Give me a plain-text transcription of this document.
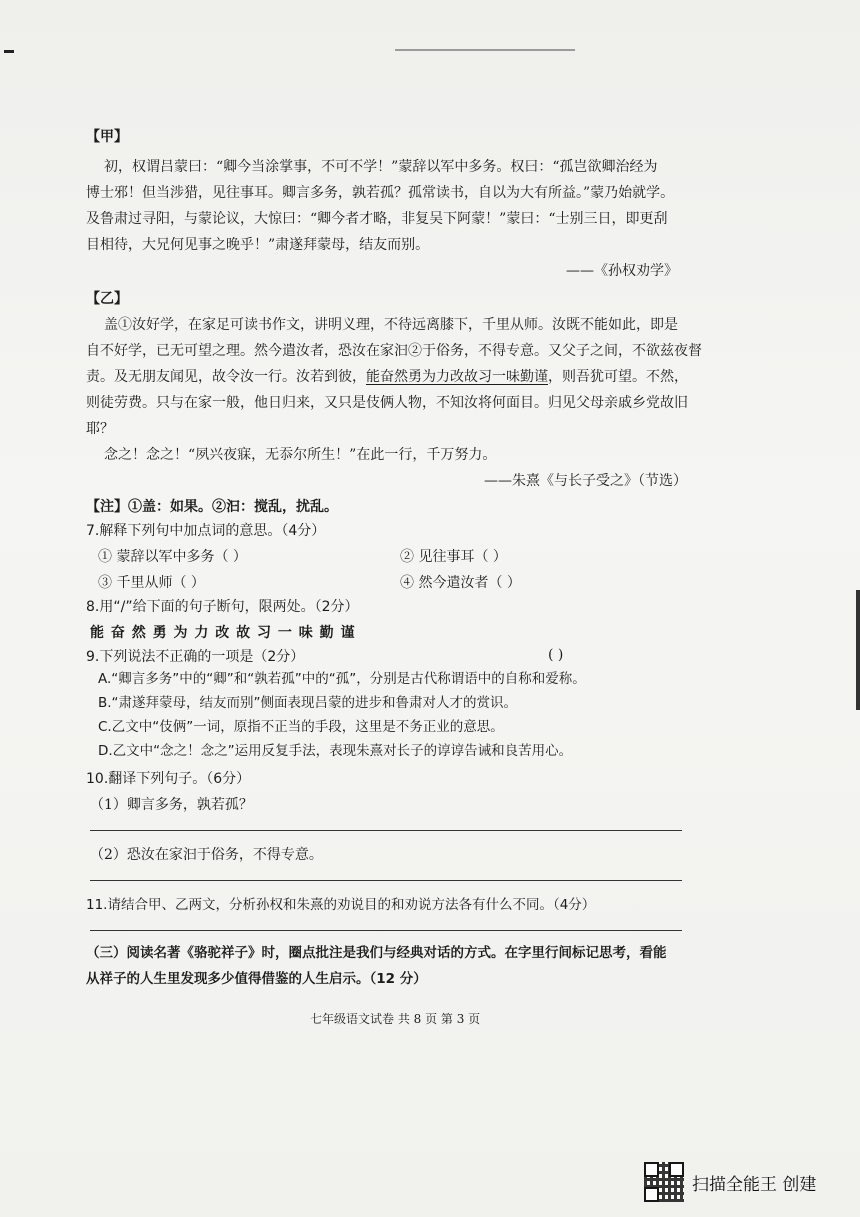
【甲】
初，权谓吕蒙曰：“卿今当涂掌事，不可不学！”蒙辞以军中多务。权曰：“孤岂欲卿治经为
博士邪！但当涉猎，见往事耳。卿言多务，孰若孤？孤常读书，自以为大有所益。”蒙乃始就学。
及鲁肃过寻阳，与蒙论议，大惊曰：“卿今者才略，非复吴下阿蒙！”蒙曰：“士别三日，即更刮
目相待，大兄何见事之晚乎！”肃遂拜蒙母，结友而别。
——《孙权劝学》
【乙】
盖①汝好学，在家足可读书作文，讲明义理，不待远离膝下，千里从师。汝既不能如此，即是
自不好学，已无可望之理。然今遣汝者，恐汝在家汩②于俗务，不得专意。又父子之间，不欲兹夜督
责。及无朋友闻见，故令汝一行。汝若到彼，能奋然勇为力改故习一味勤谨，则吾犹可望。不然，
则徒劳费。只与在家一般，他日归来，又只是伎俩人物，不知汝将何面目。归见父母亲戚乡党故旧
耶？
念之！念之！“夙兴夜寐，无忝尔所生！”在此一行，千万努力。
——朱熹《与长子受之》（节选）
【注】①盖：如果。②汩：搅乱，扰乱。
7.解释下列句中加点词的意思。（4分）
① 蒙辞以军中多务（ ）	② 见往事耳（ ）
③ 千里从师（ ）	④ 然今遣汝者（ ）
8.用“/”给下面的句子断句，限两处。（2分）
能 奋 然 勇 为 力 改 故 习 一 味 勤 谨
9.下列说法不正确的一项是（2分）	( )
A.“卿言多务”中的“卿”和“孰若孤”中的“孤”，分别是古代称谓语中的自称和爱称。
B.“肃遂拜蒙母，结友而别”侧面表现吕蒙的进步和鲁肃对人才的赏识。
C.乙文中“伎俩”一词，原指不正当的手段，这里是不务正业的意思。
D.乙文中“念之！念之”运用反复手法，表现朱熹对长子的谆谆告诫和良苦用心。
10.翻译下列句子。（6分）
（1）卿言多务，孰若孤？
（2）恐汝在家汩于俗务，不得专意。
11.请结合甲、乙两文，分析孙权和朱熹的劝说目的和劝说方法各有什么不同。（4分）
（三）阅读名著《骆驼祥子》时，圈点批注是我们与经典对话的方式。在字里行间标记思考，看能
从祥子的人生里发现多少值得借鉴的人生启示。（12 分）
七年级语文试卷 共 8 页 第 3 页
扫描全能王 创建
